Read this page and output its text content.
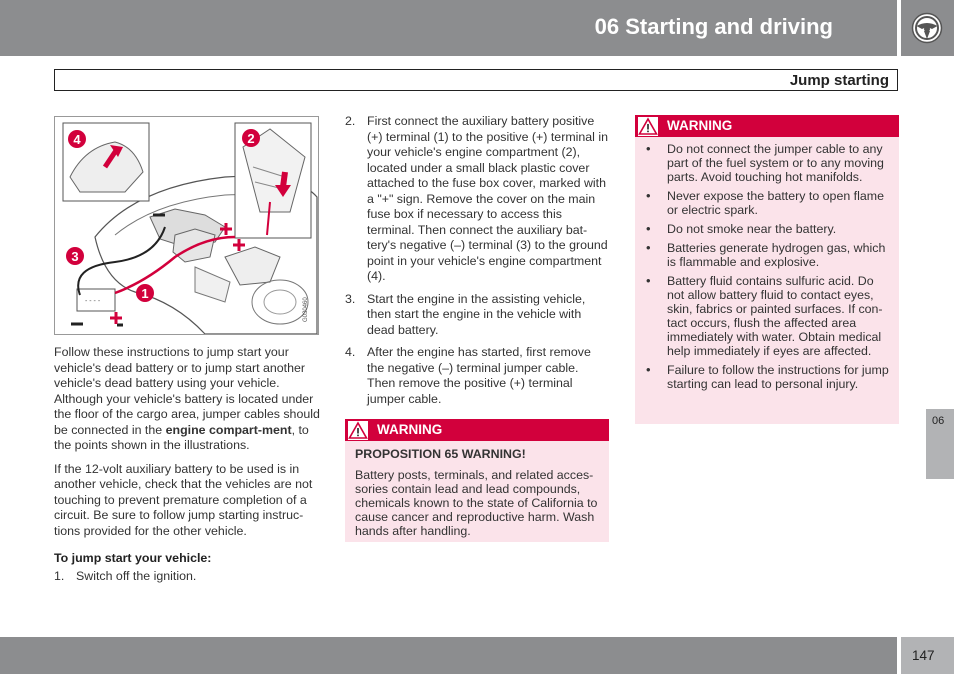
06 Starting and driving
Jump starting
- - - -
4	2
3
1
G030460

Follow these instructions to jump start your vehicle's dead battery or to jump start another vehicle's dead battery using your vehicle. Although your vehicle's battery is located under the floor of the cargo area, jumper cables should be connected in the engine compart-ment, to the points shown in the illustrations.

If the 12-volt auxiliary battery to be used is in another vehicle, check that the vehicles are not touching to prevent premature completion of a circuit. Be sure to follow jump starting instruc-tions provided for the other vehicle.

To jump start your vehicle:
1. Switch off the ignition.
2. First connect the auxiliary battery positive (+) terminal (1) to the positive (+) terminal in your vehicle's engine compartment (2), located under a small black plastic cover attached to the fuse box cover, marked with a "+" sign. Remove the cover on the main fuse box if necessary to access this terminal. Then connect the auxiliary bat-tery's negative (–) terminal (3) to the ground point in your vehicle's engine compartment (4).
3. Start the engine in the assisting vehicle, then start the engine in the vehicle with dead battery.
4. After the engine has started, first remove the negative (–) terminal jumper cable. Then remove the positive (+) terminal jumper cable.
WARNING
PROPOSITION 65 WARNING!
Battery posts, terminals, and related acces-sories contain lead and lead compounds, chemicals known to the state of California to cause cancer and reproductive harm. Wash hands after handling.
WARNING
• Do not connect the jumper cable to any part of the fuel system or to any moving parts. Avoid touching hot manifolds.
• Never expose the battery to open flame or electric spark.
• Do not smoke near the battery.
• Batteries generate hydrogen gas, which is flammable and explosive.
• Battery fluid contains sulfuric acid. Do not allow battery fluid to contact eyes, skin, fabrics or painted surfaces. If con-tact occurs, flush the affected area immediately with water. Obtain medical help immediately if eyes are affected.
• Failure to follow the instructions for jump starting can lead to personal injury.
06
147
